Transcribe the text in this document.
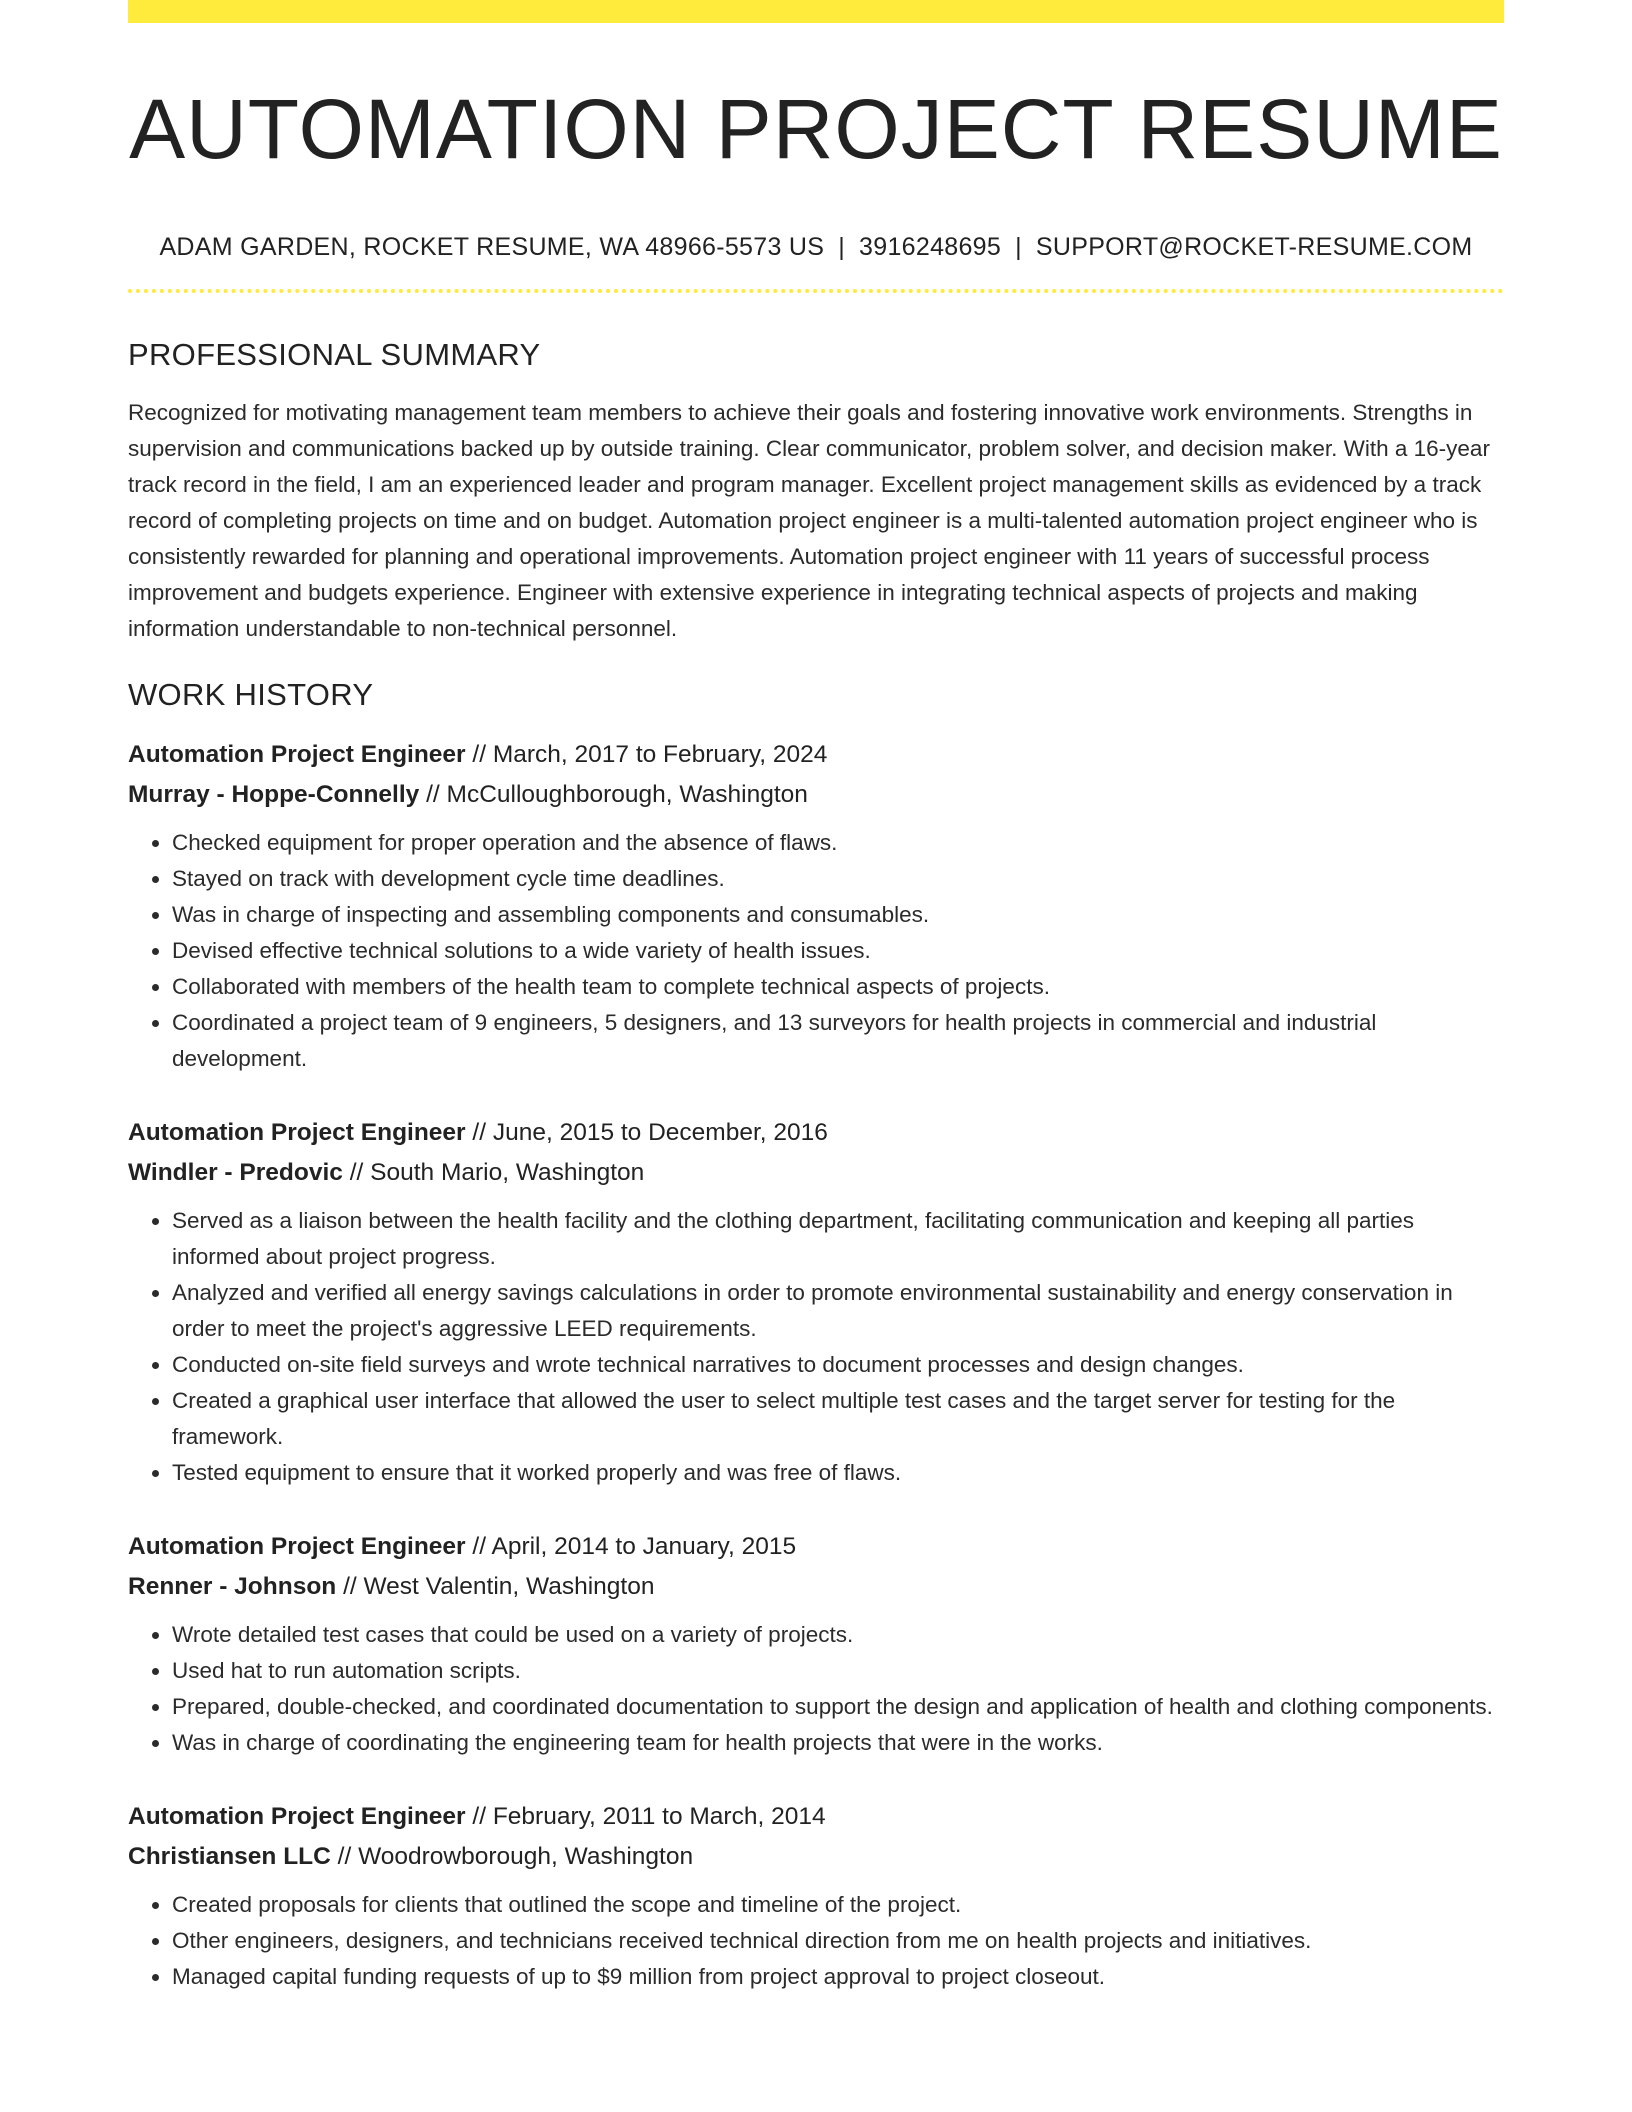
AUTOMATION PROJECT RESUME
ADAM GARDEN, ROCKET RESUME, WA 48966-5573 US | 3916248695 | SUPPORT@ROCKET-RESUME.COM
PROFESSIONAL SUMMARY

Recognized for motivating management team members to achieve their goals and fostering innovative work environments. Strengths in supervision and communications backed up by outside training. Clear communicator, problem solver, and decision maker. With a 16-year track record in the field, I am an experienced leader and program manager. Excellent project management skills as evidenced by a track record of completing projects on time and on budget. Automation project engineer is a multi-talented automation project engineer who is consistently rewarded for planning and operational improvements. Automation project engineer with 11 years of successful process improvement and budgets experience. Engineer with extensive experience in integrating technical aspects of projects and making information understandable to non-technical personnel.

WORK HISTORY
Automation Project Engineer // March, 2017 to February, 2024
Murray - Hoppe-Connelly // McCulloughborough, Washington
• Checked equipment for proper operation and the absence of flaws.
• Stayed on track with development cycle time deadlines.
• Was in charge of inspecting and assembling components and consumables.
• Devised effective technical solutions to a wide variety of health issues.
• Collaborated with members of the health team to complete technical aspects of projects.
• Coordinated a project team of 9 engineers, 5 designers, and 13 surveyors for health projects in commercial and industrial development.
Automation Project Engineer // June, 2015 to December, 2016
Windler - Predovic // South Mario, Washington
• Served as a liaison between the health facility and the clothing department, facilitating communication and keeping all parties informed about project progress.
• Analyzed and verified all energy savings calculations in order to promote environmental sustainability and energy conservation in order to meet the project's aggressive LEED requirements.
• Conducted on-site field surveys and wrote technical narratives to document processes and design changes.
• Created a graphical user interface that allowed the user to select multiple test cases and the target server for testing for the framework.
• Tested equipment to ensure that it worked properly and was free of flaws.
Automation Project Engineer // April, 2014 to January, 2015
Renner - Johnson // West Valentin, Washington
• Wrote detailed test cases that could be used on a variety of projects.
• Used hat to run automation scripts.
• Prepared, double-checked, and coordinated documentation to support the design and application of health and clothing components.
• Was in charge of coordinating the engineering team for health projects that were in the works.
Automation Project Engineer // February, 2011 to March, 2014
Christiansen LLC // Woodrowborough, Washington
• Created proposals for clients that outlined the scope and timeline of the project.
• Other engineers, designers, and technicians received technical direction from me on health projects and initiatives.
• Managed capital funding requests of up to $9 million from project approval to project closeout.
